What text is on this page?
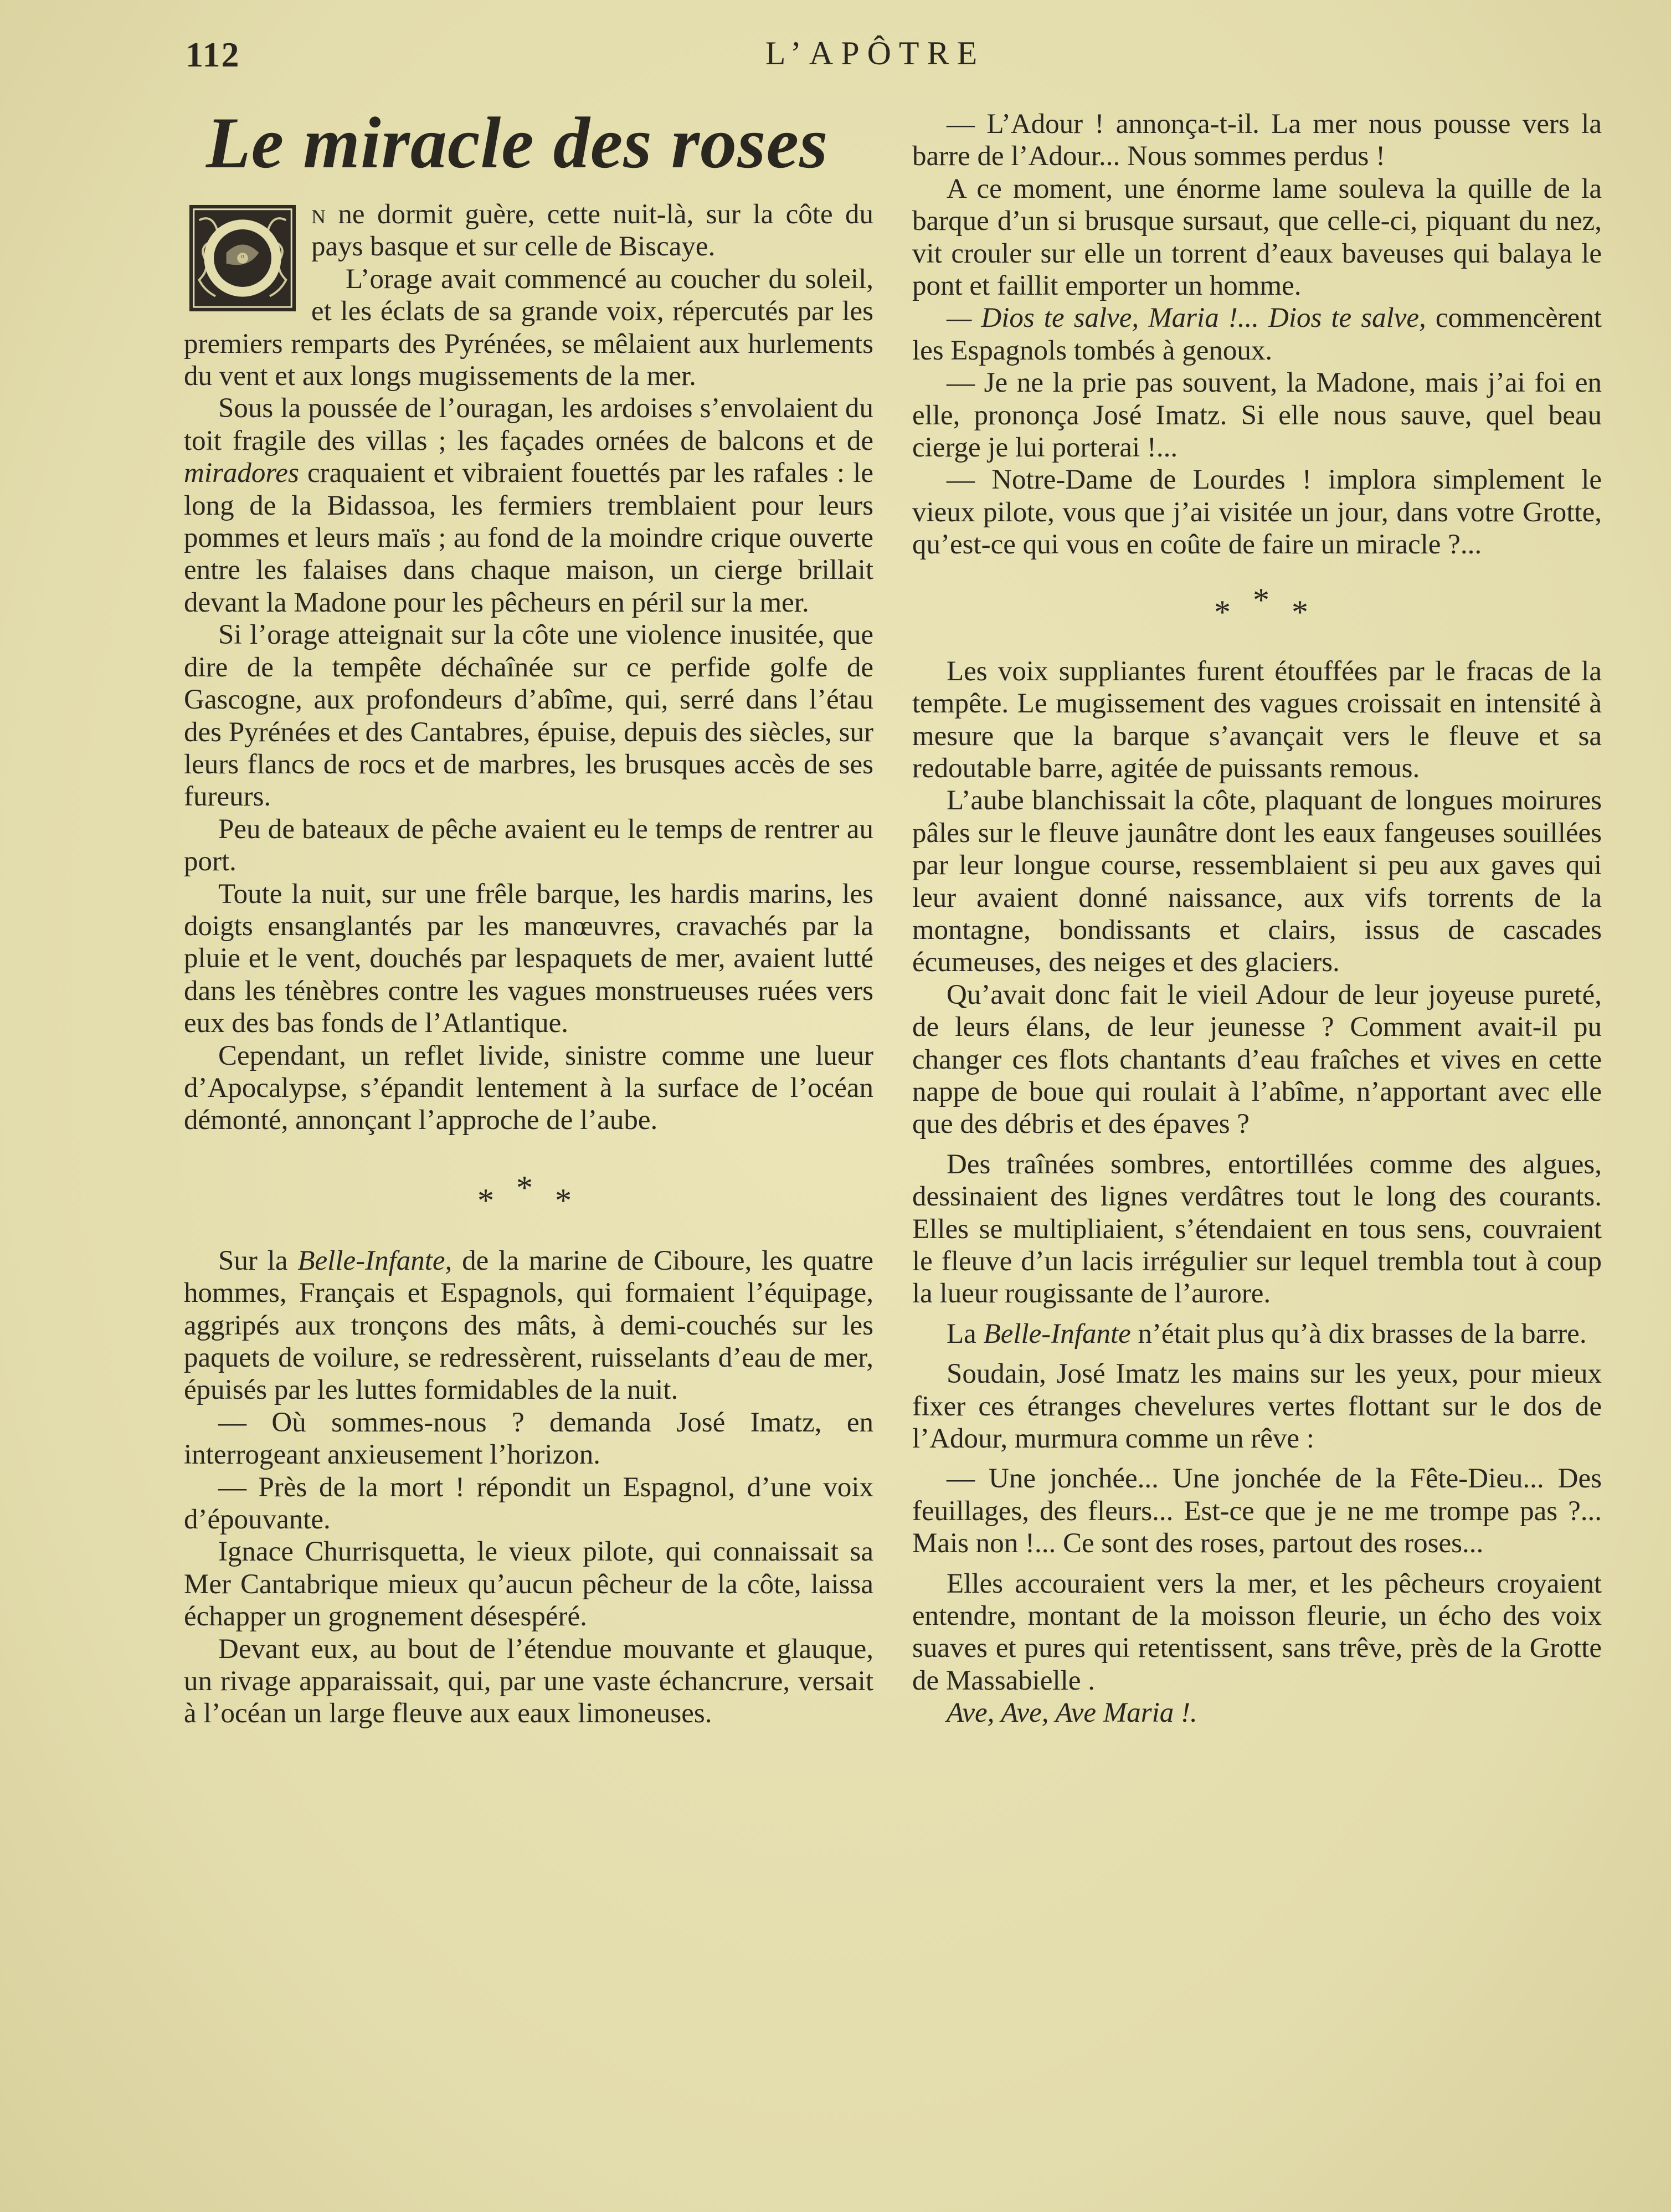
112	L’APÔTRE
Le miracle des roses

O
n ne dormit guère, cette nuit-là, sur la côte du pays basque et sur celle de Biscaye.

L’orage avait commencé au coucher du soleil, et les éclats de sa grande voix, répercutés par les premiers remparts des Pyrénées, se mêlaient aux hurlements du vent et aux longs mugissements de la mer.

Sous la poussée de l’ouragan, les ardoises s’envolaient du toit fragile des villas ; les façades ornées de balcons et de miradores craquaient et vibraient fouettés par les rafales : le long de la Bidassoa, les fermiers tremblaient pour leurs pommes et leurs maïs ; au fond de la moindre crique ouverte entre les falaises dans chaque maison, un cierge brillait devant la Madone pour les pêcheurs en péril sur la mer.

Si l’orage atteignait sur la côte une violence inusitée, que dire de la tempête déchaînée sur ce perfide golfe de Gascogne, aux profondeurs d’abîme, qui, serré dans l’étau des Pyrénées et des Cantabres, épuise, depuis des siècles, sur leurs flancs de rocs et de marbres, les brusques accès de ses fureurs.

Peu de bateaux de pêche avaient eu le temps de rentrer au port.

Toute la nuit, sur une frêle barque, les hardis marins, les doigts ensanglantés par les manœuvres, cravachés par la pluie et le vent, douchés par lespaquets de mer, avaient lutté dans les ténèbres contre les vagues monstrueuses ruées vers eux des bas fonds de l’Atlantique.

Cependant, un reflet livide, sinistre comme une lueur d’Apocalypse, s’épandit lentement à la surface de l’océan démonté, annonçant l’approche de l’aube.

* * *

Sur la Belle-Infante, de la marine de Ciboure, les quatre hommes, Français et Espagnols, qui formaient l’équipage, aggripés aux tronçons des mâts, à demi-couchés sur les paquets de voilure, se redressèrent, ruisselants d’eau de mer, épuisés par les luttes formidables de la nuit.

— Où sommes-nous ? demanda José Imatz, en interrogeant anxieusement l’horizon.

— Près de la mort ! répondit un Espagnol, d’une voix d’épouvante.

Ignace Churrisquetta, le vieux pilote, qui connaissait sa Mer Cantabrique mieux qu’aucun pêcheur de la côte, laissa échapper un grognement désespéré.

Devant eux, au bout de l’étendue mouvante et glauque, un rivage apparaissait, qui, par une vaste échancrure, versait à l’océan un large fleuve aux eaux limoneuses.

— L’Adour ! annonça-t-il. La mer nous pousse vers la barre de l’Adour... Nous sommes perdus !

A ce moment, une énorme lame souleva la quille de la barque d’un si brusque sursaut, que celle-ci, piquant du nez, vit crouler sur elle un torrent d’eaux baveuses qui balaya le pont et faillit emporter un homme.

— Dios te salve, Maria !... Dios te salve, commencèrent les Espagnols tombés à genoux.

— Je ne la prie pas souvent, la Madone, mais j’ai foi en elle, prononça José Imatz. Si elle nous sauve, quel beau cierge je lui porterai !...

— Notre-Dame de Lourdes ! implora simplement le vieux pilote, vous que j’ai visitée un jour, dans votre Grotte, qu’est-ce qui vous en coûte de faire un miracle ?...

* * *

Les voix suppliantes furent étouffées par le fracas de la tempête. Le mugissement des vagues croissait en intensité à mesure que la barque s’avançait vers le fleuve et sa redoutable barre, agitée de puissants remous.

L’aube blanchissait la côte, plaquant de longues moirures pâles sur le fleuve jaunâtre dont les eaux fangeuses souillées par leur longue course, ressemblaient si peu aux gaves qui leur avaient donné naissance, aux vifs torrents de la montagne, bondissants et clairs, issus de cascades écumeuses, des neiges et des glaciers.

Qu’avait donc fait le vieil Adour de leur joyeuse pureté, de leurs élans, de leur jeunesse ? Comment avait-il pu changer ces flots chantants d’eau fraîches et vives en cette nappe de boue qui roulait à l’abîme, n’apportant avec elle que des débris et des épaves ?

Des traînées sombres, entortillées comme des algues, dessinaient des lignes verdâtres tout le long des courants. Elles se multipliaient, s’étendaient en tous sens, couvraient le fleuve d’un lacis irrégulier sur lequel trembla tout à coup la lueur rougissante de l’aurore.

La Belle-Infante n’était plus qu’à dix brasses de la barre.

Soudain, José Imatz les mains sur les yeux, pour mieux fixer ces étranges chevelures vertes flottant sur le dos de l’Adour, murmura comme un rêve :

— Une jonchée... Une jonchée de la Fête-Dieu... Des feuillages, des fleurs... Est-ce que je ne me trompe pas ?... Mais non !... Ce sont des roses, partout des roses...

Elles accouraient vers la mer, et les pêcheurs croyaient entendre, montant de la moisson fleurie, un écho des voix suaves et pures qui retentissent, sans trêve, près de la Grotte de Massabielle .

Ave, Ave, Ave Maria !.
